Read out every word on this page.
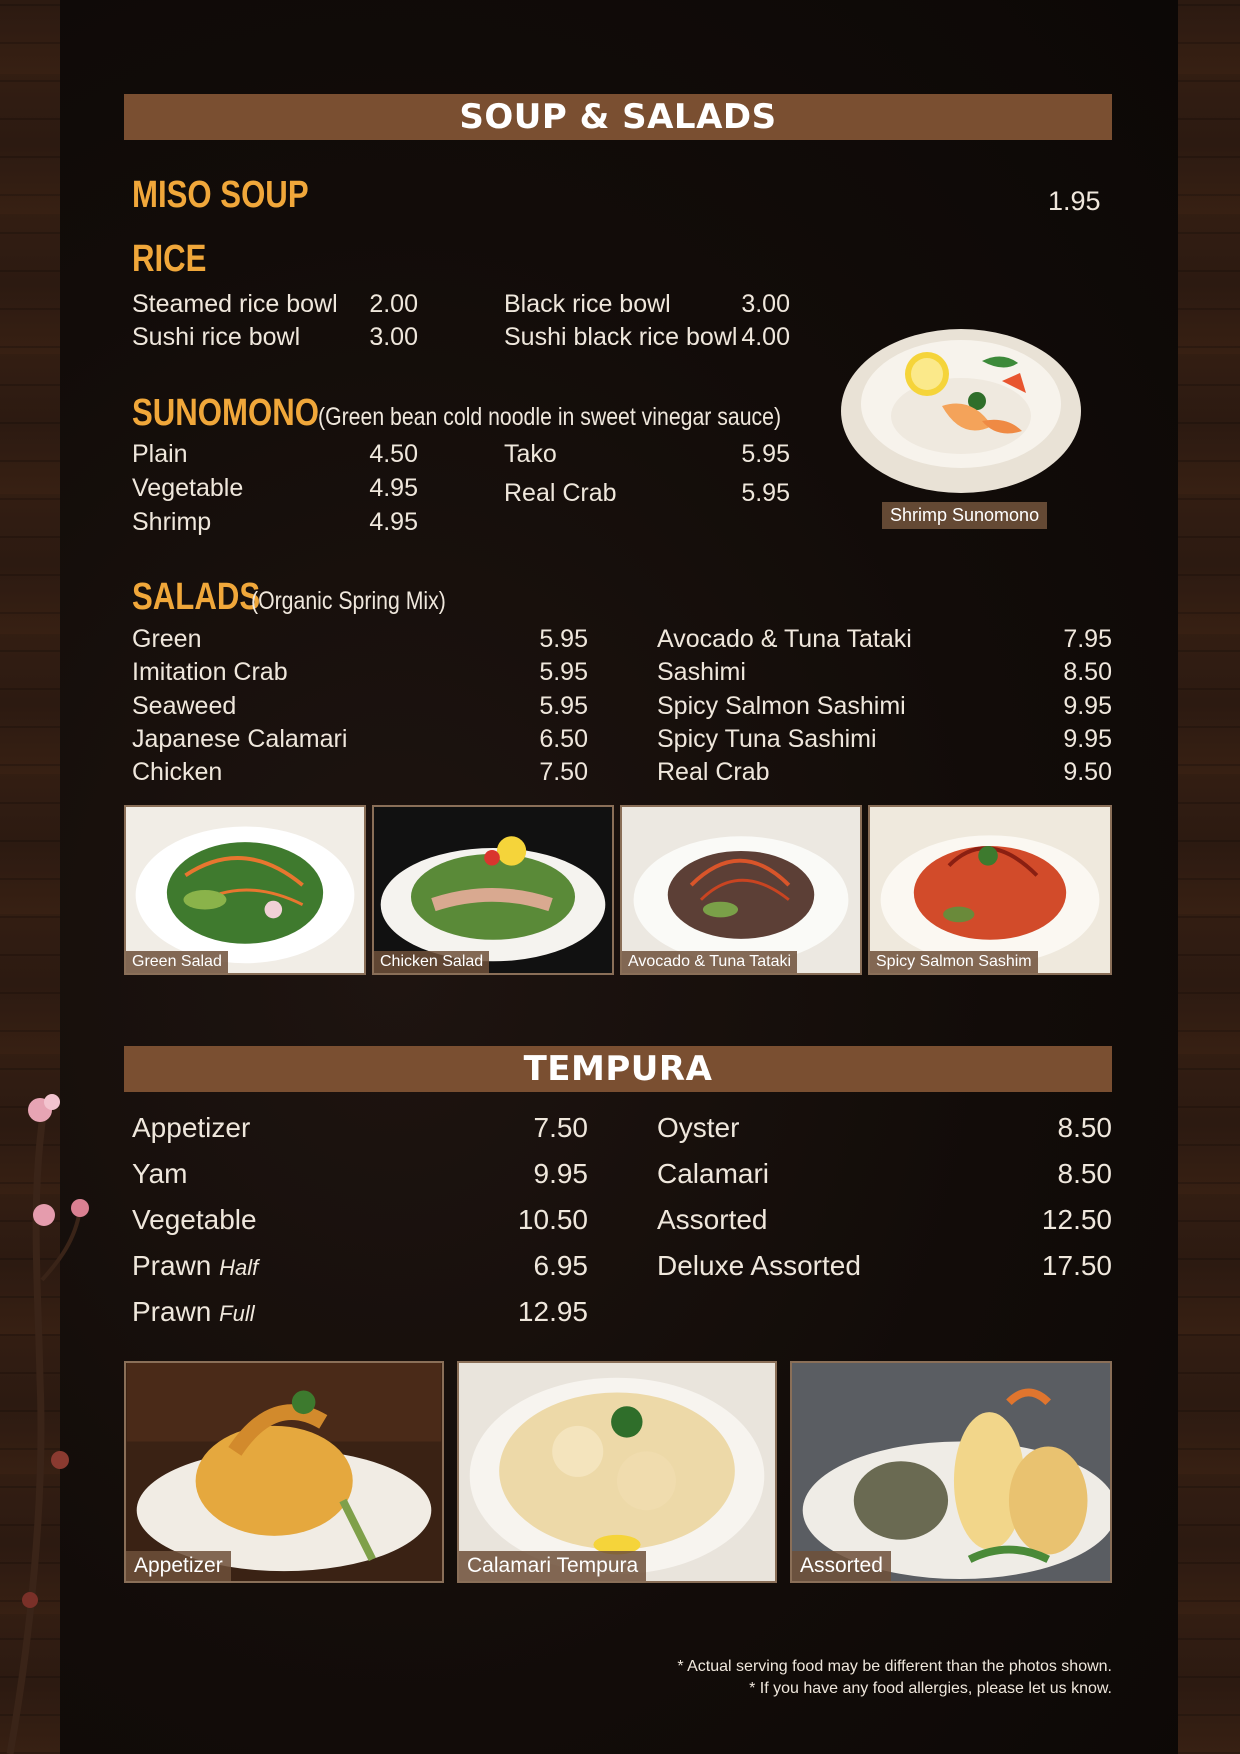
SOUP & SALADS
MISO SOUP	1.95
RICE
Steamed rice bowl 2.00
Sushi rice bowl	3.00
Black rice bowl	3.00
Sushi black rice bowl 4.00
SUNOMONO (Green bean cold noodle in sweet vinegar sauce)
Plain	4.50
Vegetable	4.95
Shrimp	4.95
Tako	5.95
Real Crab	5.95
Shrimp Sunomono
SALADS
(Organic Spring Mix)
Green	5.95
Imitation Crab	5.95
Seaweed	5.95
Japanese Calamari	6.50
Chicken	7.50
Avocado & Tuna Tataki	7.95
Sashimi	8.50
Spicy Salmon Sashimi	9.95
Spicy Tuna Sashimi	9.95
Real Crab	9.50
Green Salad	Chicken Salad	Avocado & Tuna Tataki	Spicy Salmon Sashim
TEMPURA
Appetizer	7.50
Yam	9.95
Vegetable	10.50
Prawn Half	6.95
Prawn Full	12.95
Oyster	8.50
Calamari	8.50
Assorted	12.50
Deluxe Assorted	17.50
Appetizer	Calamari Tempura	Assorted
* Actual serving food may be different than the photos shown.
* If you have any food allergies, please let us know.
